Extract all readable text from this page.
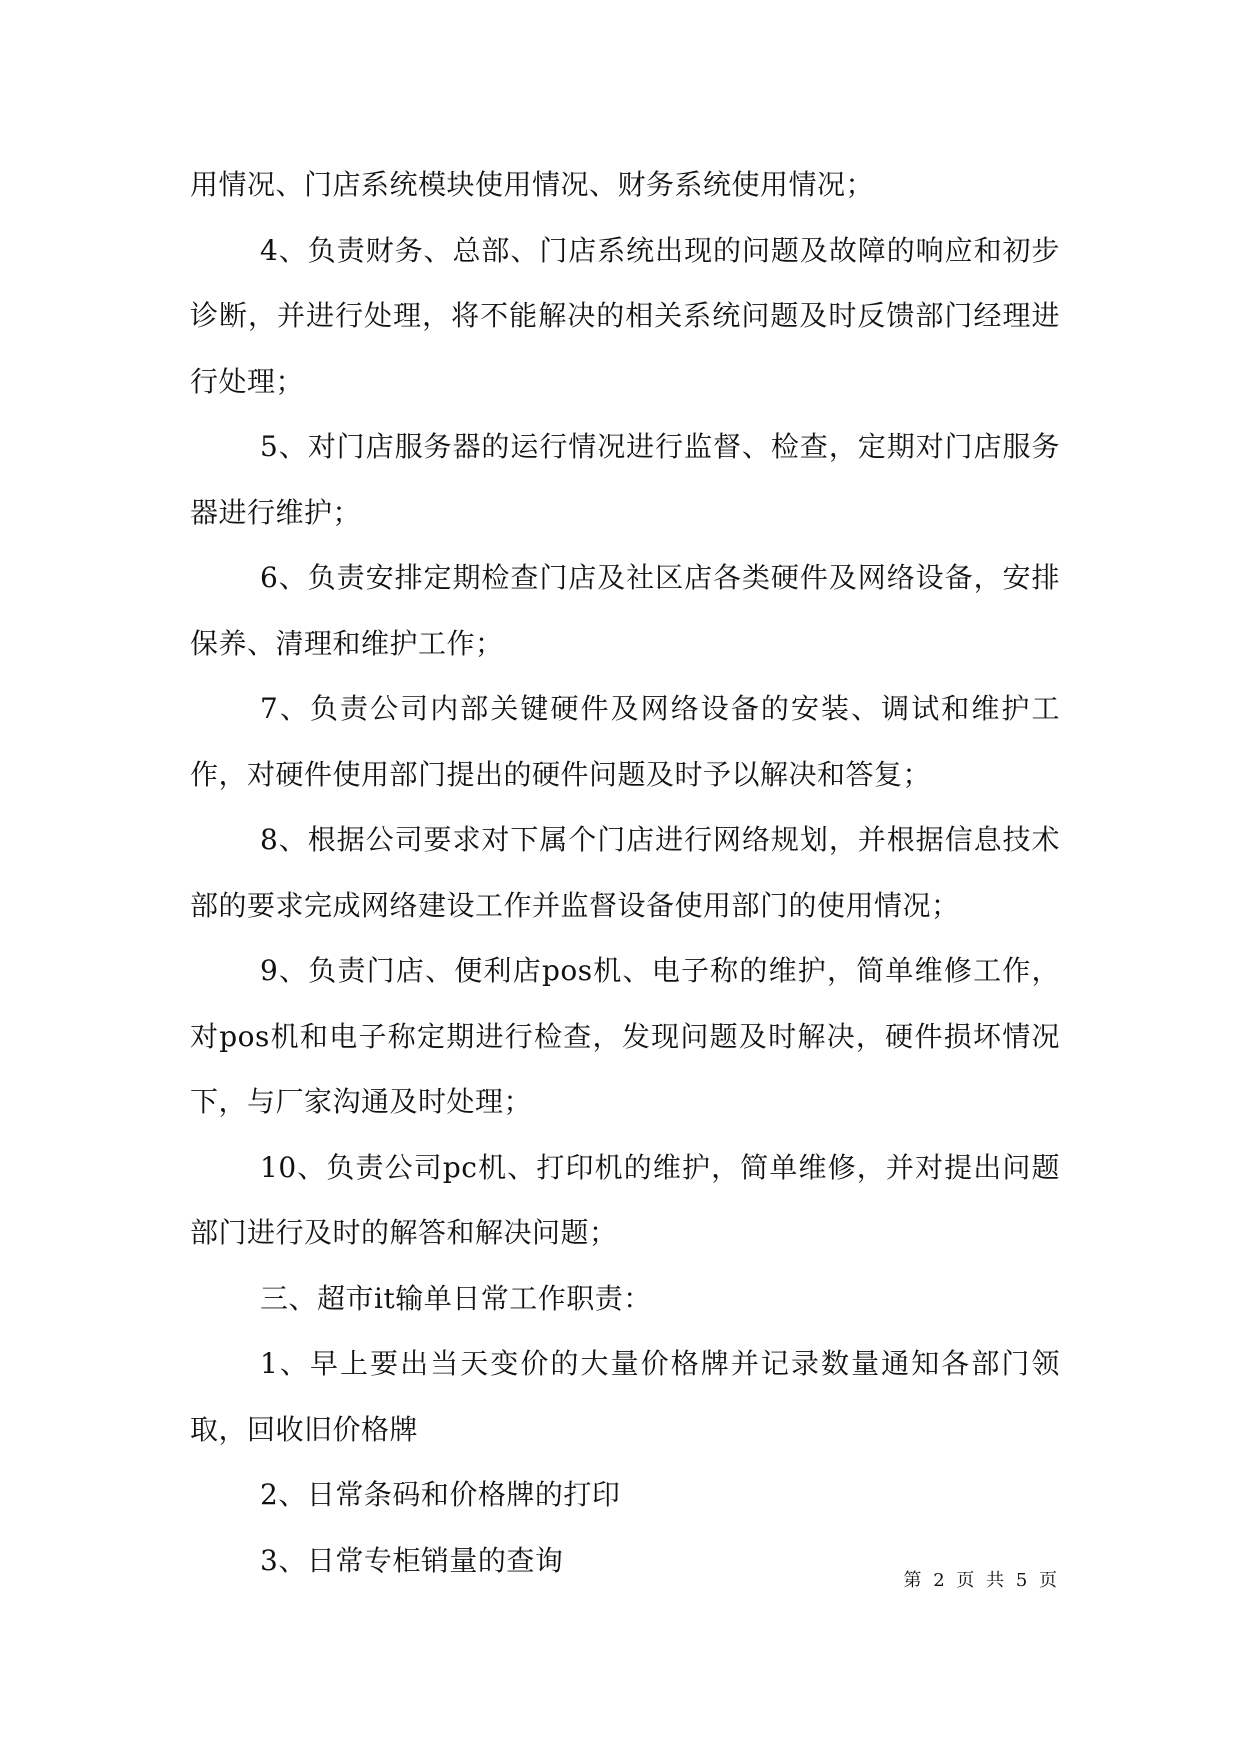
用情况、门店系统模块使用情况、财务系统使用情况；

4、负责财务、总部、门店系统出现的问题及故障的响应和初步诊断，并进行处理，将不能解决的相关系统问题及时反馈部门经理进行处理；

5、对门店服务器的运行情况进行监督、检查，定期对门店服务器进行维护；

6、负责安排定期检查门店及社区店各类硬件及网络设备，安排保养、清理和维护工作；

7、负责公司内部关键硬件及网络设备的安装、调试和维护工作，对硬件使用部门提出的硬件问题及时予以解决和答复；

8、根据公司要求对下属个门店进行网络规划，并根据信息技术部的要求完成网络建设工作并监督设备使用部门的使用情况；

9、负责门店、便利店pos机、电子称的维护，简单维修工作，对pos机和电子称定期进行检查，发现问题及时解决，硬件损坏情况下，与厂家沟通及时处理；

10、负责公司pc机、打印机的维护，简单维修，并对提出问题部门进行及时的解答和解决问题；

三、超市it输单日常工作职责：

1、早上要出当天变价的大量价格牌并记录数量通知各部门领取，回收旧价格牌

2、日常条码和价格牌的打印

3、日常专柜销量的查询

第 2 页 共 5 页
